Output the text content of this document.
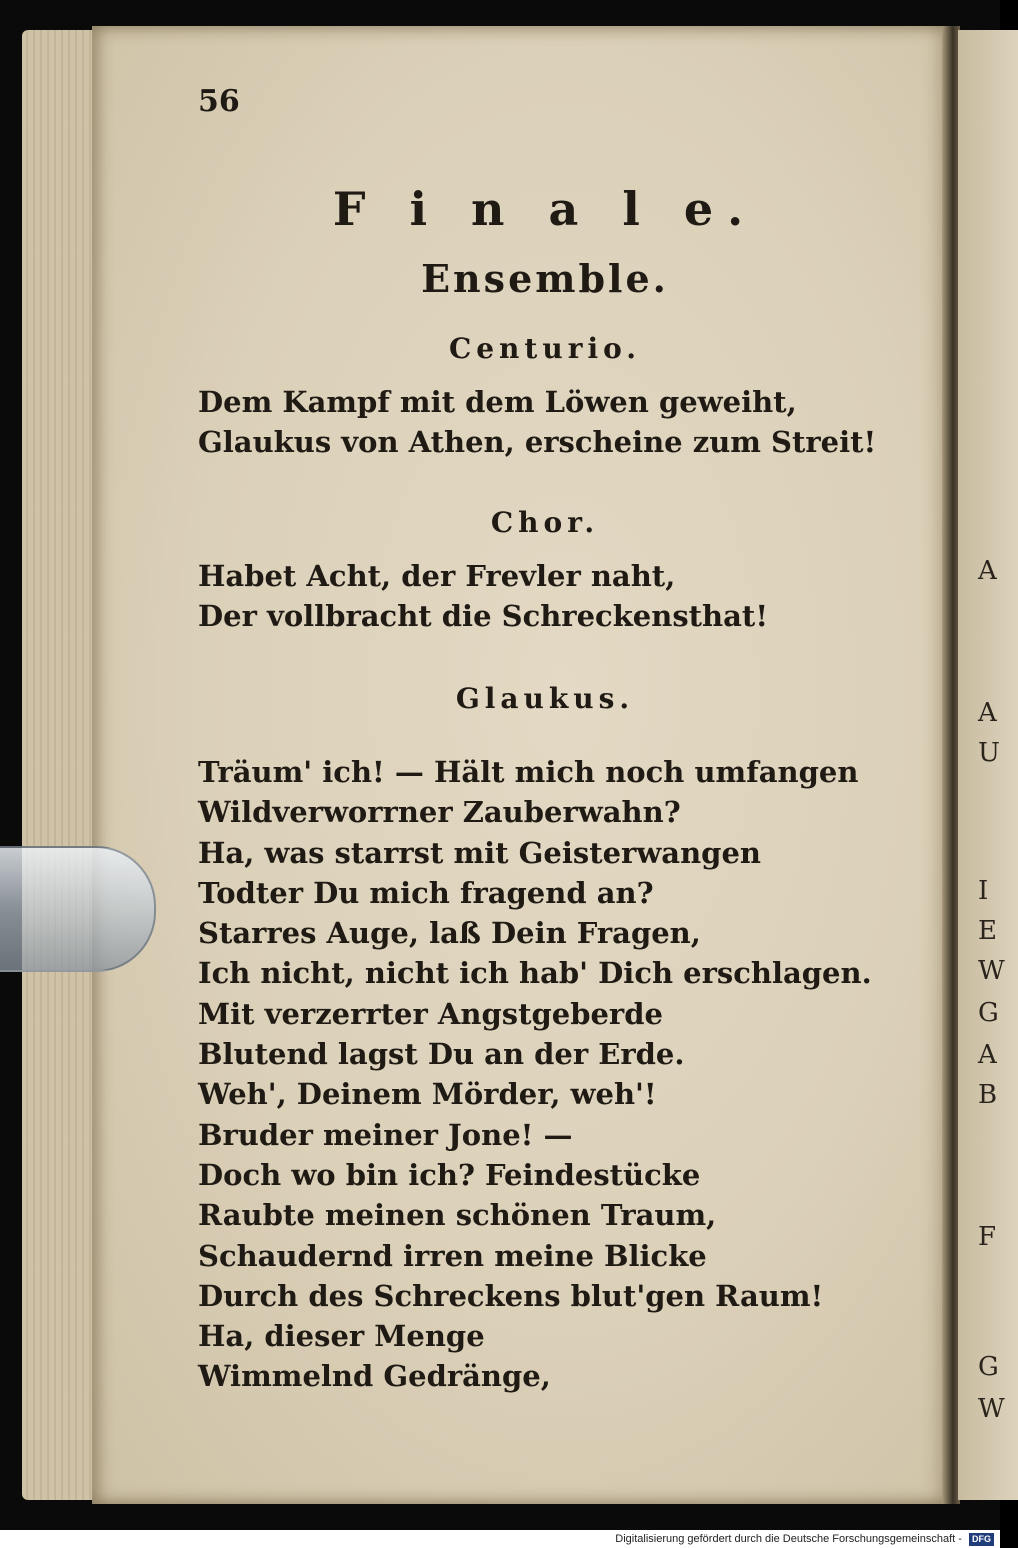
A
A
U
I
E
W
G
A
B
F
G
W
56
F i n a l e.
Ensemble.
Centurio.
Dem Kampf mit dem Löwen geweiht,
Glaukus von Athen, erscheine zum Streit!
Chor.
Habet Acht, der Frevler naht,
Der vollbracht die Schreckensthat!
Glaukus.
Träum' ich! — Hält mich noch umfangen
Wildverworrner Zauberwahn?
Ha, was starrst mit Geisterwangen
Todter Du mich fragend an?
Starres Auge, laß Dein Fragen,
Ich nicht, nicht ich hab' Dich erschlagen.
Mit verzerrter Angstgeberde
Blutend lagst Du an der Erde.
Weh', Deinem Mörder, weh'!
Bruder meiner Jone! —
Doch wo bin ich? Feindestücke
Raubte meinen schönen Traum,
Schaudernd irren meine Blicke
Durch des Schreckens blut'gen Raum!
Ha, dieser Menge
Wimmelnd Gedränge,
Digitalisierung gefördert durch die Deutsche Forschungsgemeinschaft - DFG
